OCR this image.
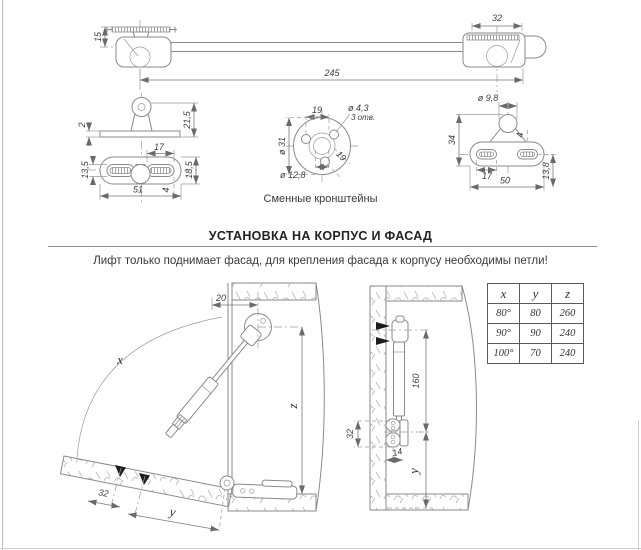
32
245
15
2	21,5
17
13,5	18,5
4
51
19	ø 4,3
3 отв.
ø 31
ø 12,8
19
ø 9,8
34	4
17 50
13,8
32
y
x
20
z
160
y
32
14
Сменные кронштейны
УСТАНОВКА НА КОРПУС И ФАСАД
Лифт только поднимает фасад, для крепления фасада к корпусу необходимы петли!
x	y	z
80°	80	260
90°	90	240
100°	70	240
